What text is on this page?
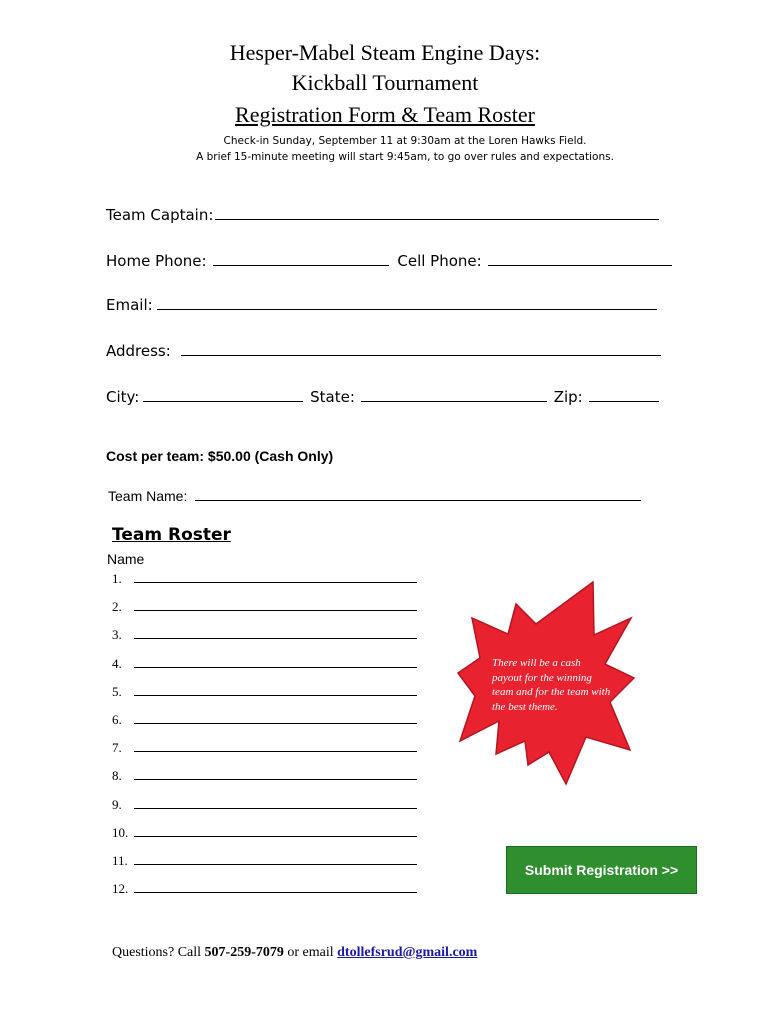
Hesper-Mabel Steam Engine Days:
Kickball Tournament
Registration Form & Team Roster
Check-in Sunday, September 11 at 9:30am at the Loren Hawks Field.
A brief 15-minute meeting will start 9:45am, to go over rules and expectations.
Team Captain:
Home Phone:	Cell Phone:
Email:
Address:
City:	State:	Zip:
Cost per team: $50.00 (Cash Only)
Team Name:
Team Roster
Name
1.
2.
3.
4.
5.
6.
7.
8.
9.
10.
11.
12.
There will be a cash payout for the winning team and for the team with the best theme.
Submit Registration >>
Questions? Call 507-259-7079 or email dtollefsrud@gmail.com
